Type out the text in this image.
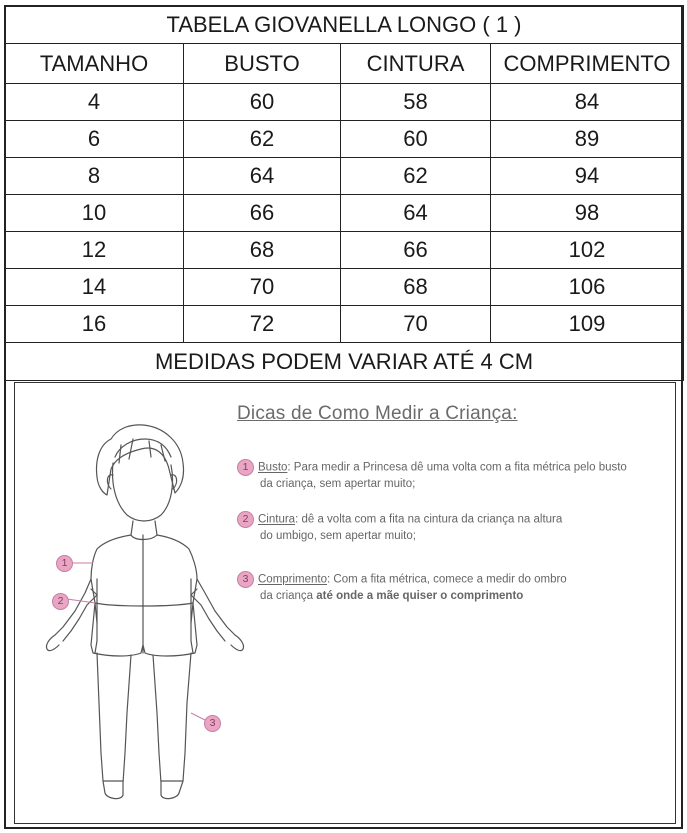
TABELA GIOVANELLA LONGO ( 1 )			
TAMANHO	BUSTO	CINTURA	COMPRIMENTO
4	60	58	84
6	62	60	89
8	64	62	94
10	66	64	98
12	68	66	102
14	70	68	106
16	72	70	109
MEDIDAS PODEM VARIAR ATÉ 4 CM			
1
2
3
Dicas de Como Medir a Criança:
1 Busto: Para medir a Princesa dê uma volta com a fita métrica pelo busto
da criança, sem apertar muito;
2 Cintura: dê a volta com a fita na cintura da criança na altura
do umbigo, sem apertar muito;
3 Comprimento: Com a fita métrica, comece a medir do ombro
da criança até onde a mãe quiser o comprimento
